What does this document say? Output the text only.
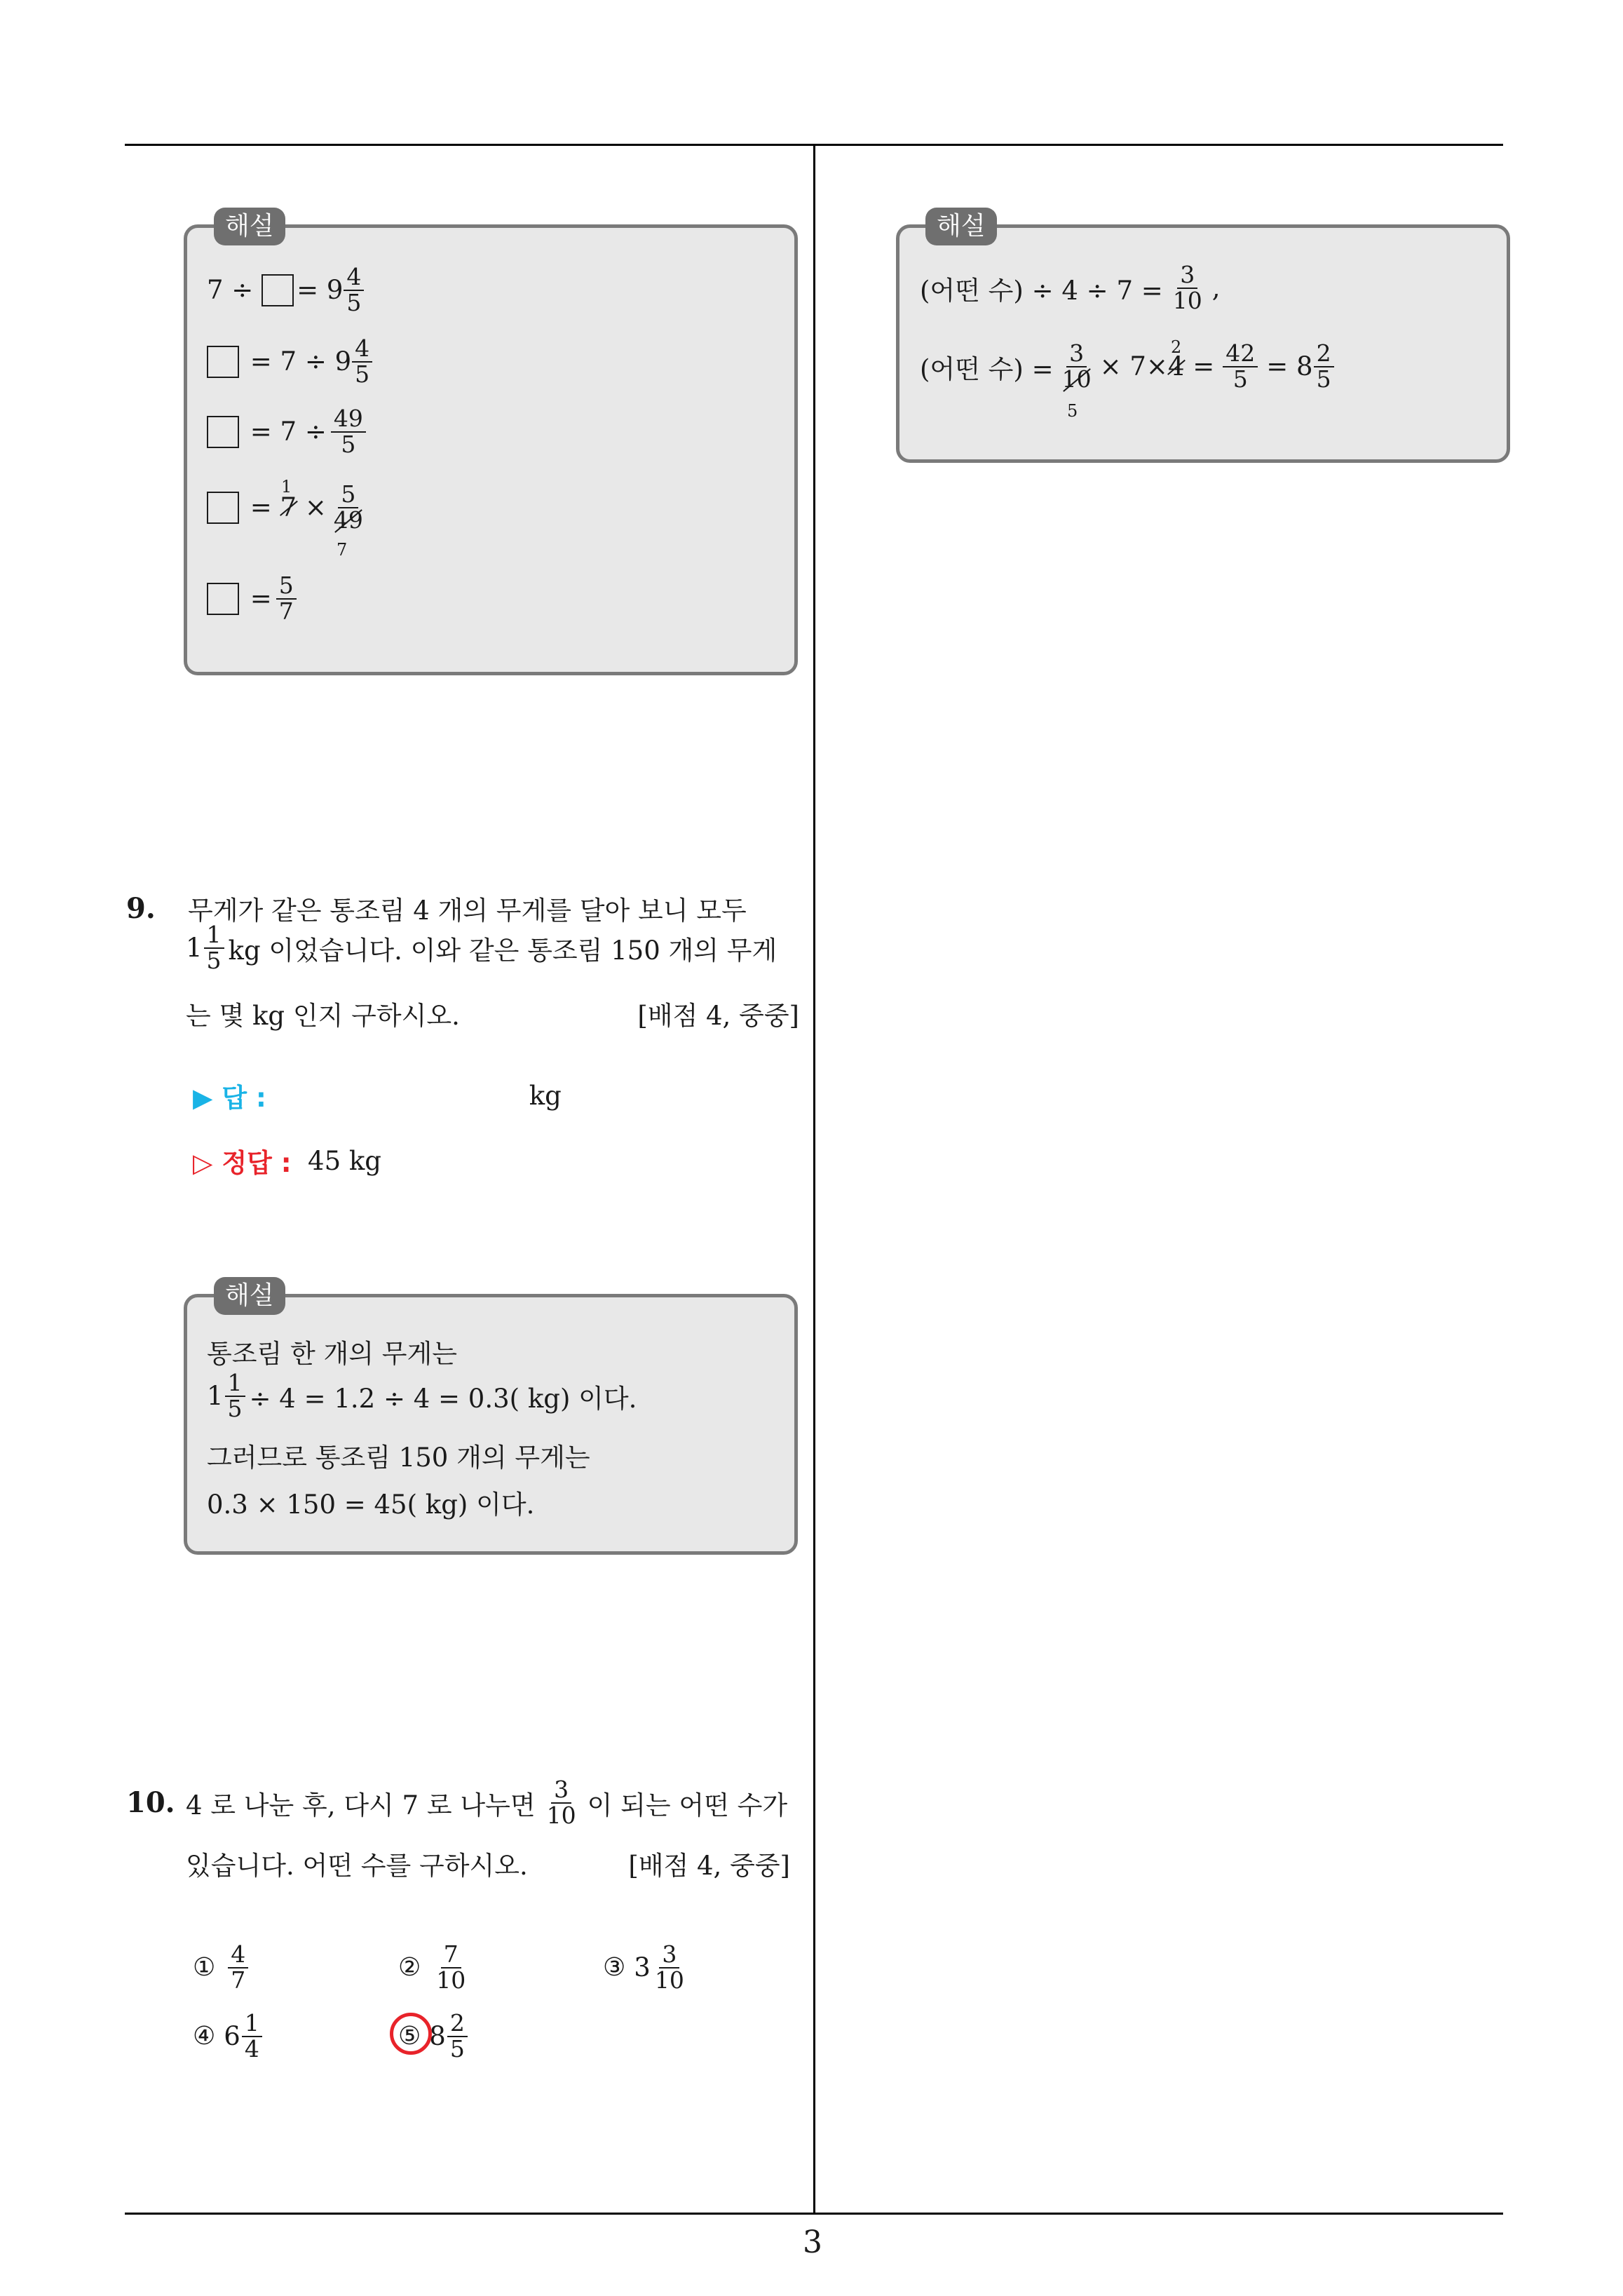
해설
7 ÷
= $9 \frac{4}{5}$

= $7 \div 9 \frac{4}{5}$

= $7 \div \frac{49}{5}$

=
7
1

× $\frac{5}{49}$
7

= $\frac{5}{7}$
9.	무게가 같은 통조림 4 개의 무게를 달아 보니 모두
$1 \frac{1}{5}$ kg 이었습니다. 이와 같은 통조림 150 개의 무게
는 몇 kg 인지 구하시오.	[배점 4, 중중]
▶ 답 :	kg
▷ 정답 :
45 kg
해설
통조림 한 개의 무게는
$1 \frac{1}{5} \div 4 = 1.2 \div 4 = 0.3$( kg) 이다.
그러므로 통조림 150 개의 무게는
0.3 × 150 = 45( kg) 이다.
10. 4 로 나눈 후, 다시 7 로 나누면 $\frac{3}{10}$ 이 되는 어떤 수가
있습니다. 어떤 수를 구하시오.	[배점 4, 중중]
① $\frac{4}{7}$	② $\frac{7}{10}$	③ $3 \frac{3}{10}$
④ $6 \frac{1}{4}$	⑤ $8 \frac{2}{5}$
해설
(어떤 수) ÷ $4 \div 7 = \frac{3}{10}$ ,
(어떤 수) = $\frac{3}{10}$
5
× 7× 4
2

= $\frac{42}{5} = 8 \frac{2}{5}$
3
